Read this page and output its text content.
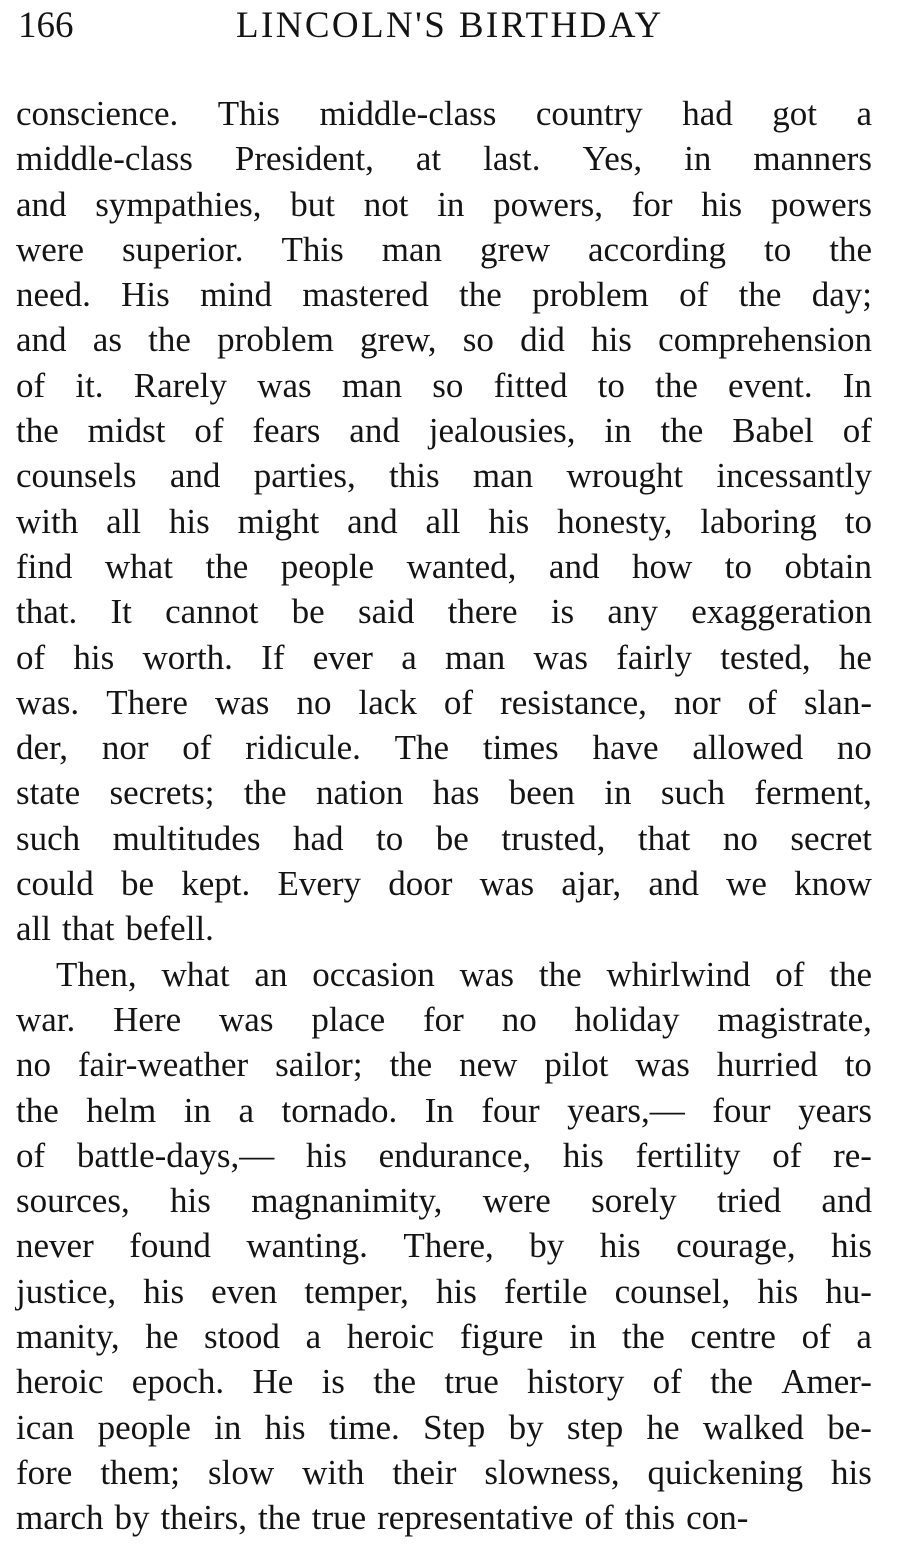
166	LINCOLN'S BIRTHDAY
conscience. This middle-class country had got a
middle-class President, at last. Yes, in manners
and sympathies, but not in powers, for his powers
were superior. This man grew according to the
need. His mind mastered the problem of the day;
and as the problem grew, so did his comprehension
of it. Rarely was man so fitted to the event. In
the midst of fears and jealousies, in the Babel of
counsels and parties, this man wrought incessantly
with all his might and all his honesty, laboring to
find what the people wanted, and how to obtain
that. It cannot be said there is any exaggeration
of his worth. If ever a man was fairly tested, he
was. There was no lack of resistance, nor of slan-
der, nor of ridicule. The times have allowed no
state secrets; the nation has been in such ferment,
such multitudes had to be trusted, that no secret
could be kept. Every door was ajar, and we know
all that befell.
Then, what an occasion was the whirlwind of the
war. Here was place for no holiday magistrate,
no fair-weather sailor; the new pilot was hurried to
the helm in a tornado. In four years,— four years
of battle-days,— his endurance, his fertility of re-
sources, his magnanimity, were sorely tried and
never found wanting. There, by his courage, his
justice, his even temper, his fertile counsel, his hu-
manity, he stood a heroic figure in the centre of a
heroic epoch. He is the true history of the Amer-
ican people in his time. Step by step he walked be-
fore them; slow with their slowness, quickening his
march by theirs, the true representative of this con-
